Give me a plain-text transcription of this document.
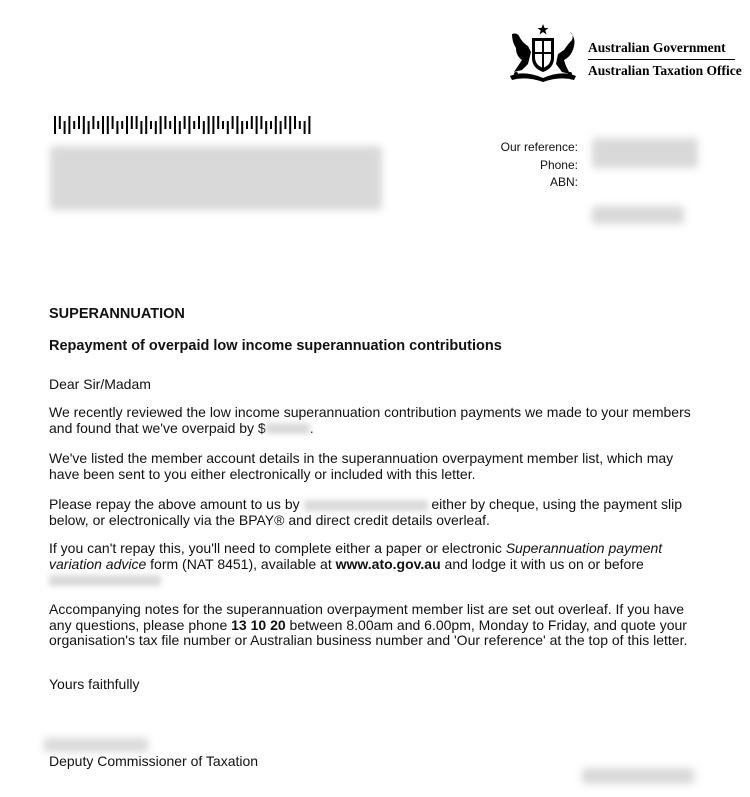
Australian Government
Australian Taxation Office
Our reference:
Phone:
ABN:
SUPERANNUATION
Repayment of overpaid low income superannuation contributions
Dear Sir/Madam
We recently reviewed the low income superannuation contribution payments we made to your members and found that we've overpaid by $	.
We've listed the member account details in the superannuation overpayment member list, which may have been sent to you either electronically or included with this letter.
Please repay the above amount to us by	either by cheque, using the payment slip below, or electronically via the BPAY® and direct credit details overleaf.
If you can't repay this, you'll need to complete either a paper or electronic Superannuation payment variation advice form (NAT 8451), available at www.ato.gov.au and lodge it with us on or before
Accompanying notes for the superannuation overpayment member list are set out overleaf. If you have any questions, please phone 13 10 20 between 8.00am and 6.00pm, Monday to Friday, and quote your organisation's tax file number or Australian business number and 'Our reference' at the top of this letter.
Yours faithfully
Deputy Commissioner of Taxation
